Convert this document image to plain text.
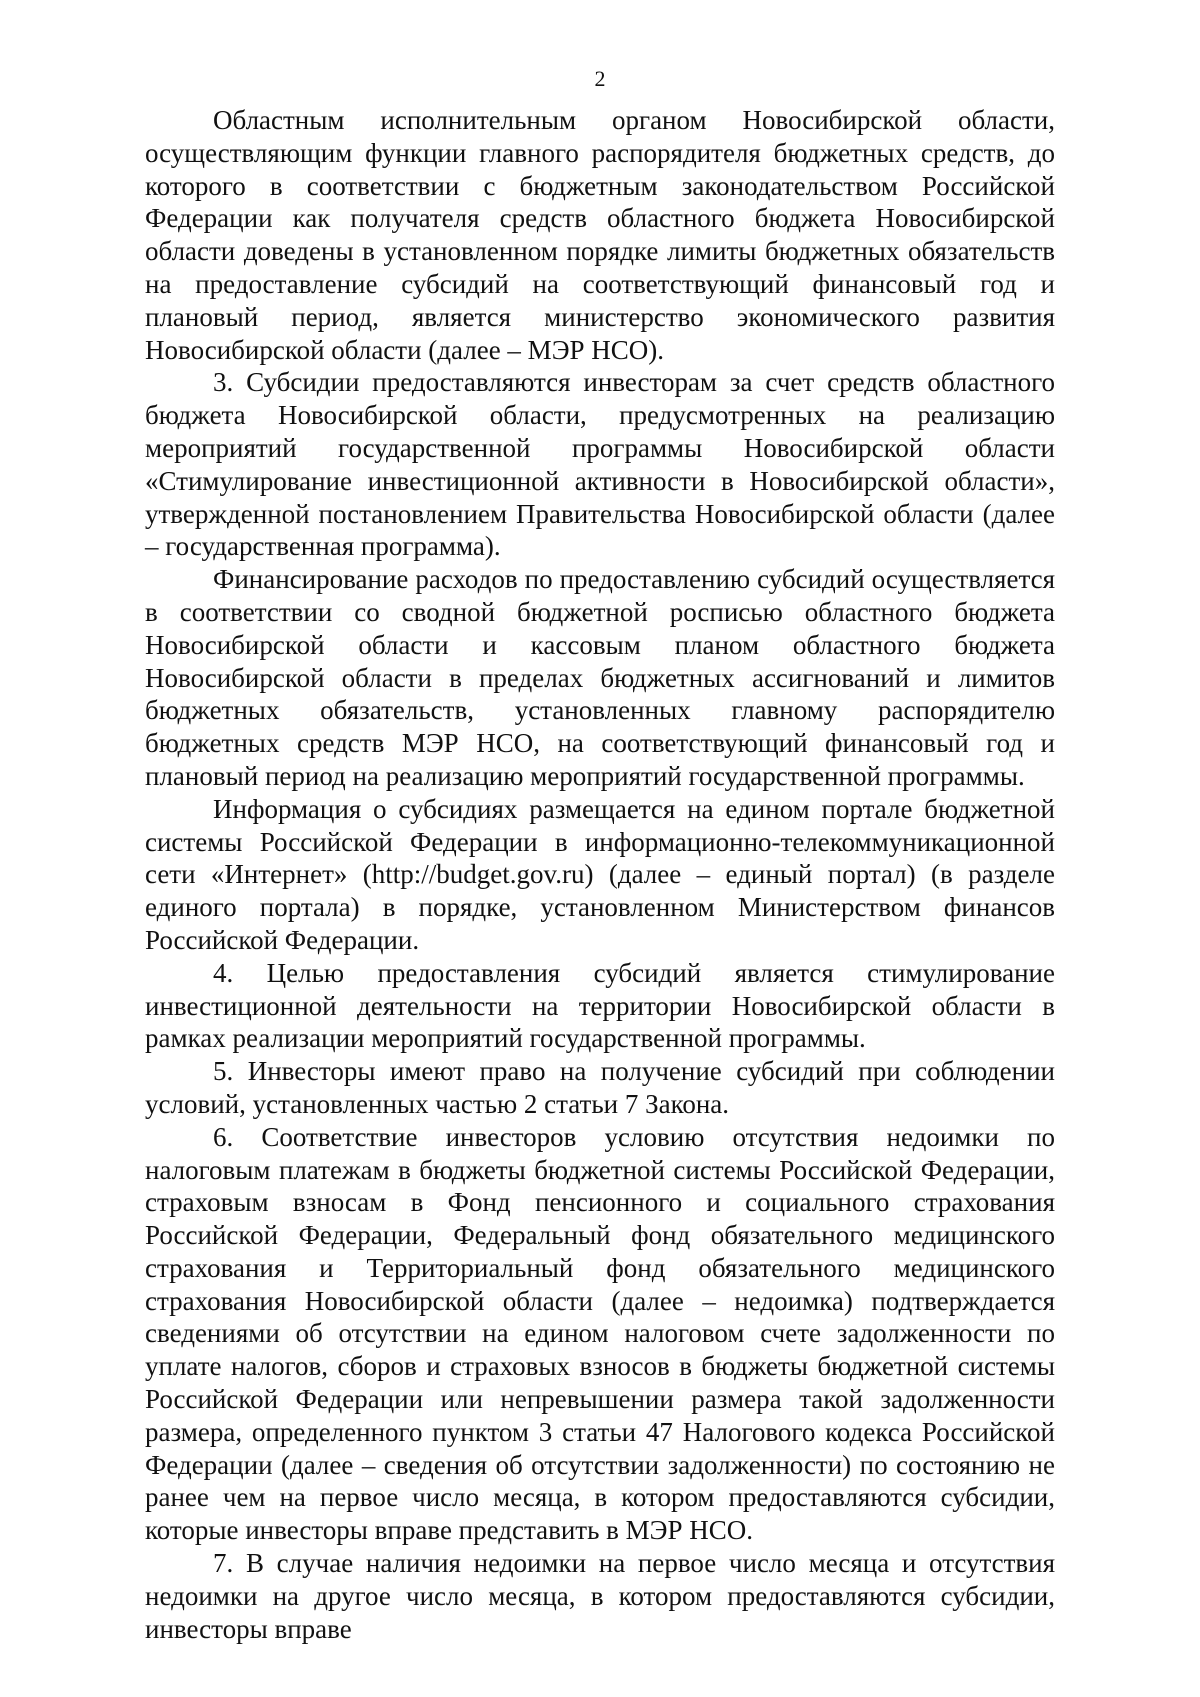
2

Областным исполнительным органом Новосибирской области, осуществляющим функции главного распорядителя бюджетных средств, до которого в соответствии с бюджетным законодательством Российской Федерации как получателя средств областного бюджета Новосибирской области доведены в установленном порядке лимиты бюджетных обязательств на предоставление субсидий на соответствующий финансовый год и плановый период, является министерство экономического развития Новосибирской области (далее – МЭР НСО).

3. Субсидии предоставляются инвесторам за счет средств областного бюджета Новосибирской области, предусмотренных на реализацию мероприятий государственной программы Новосибирской области «Стимулирование инвестиционной активности в Новосибирской области», утвержденной постановлением Правительства Новосибирской области (далее – государственная программа).

Финансирование расходов по предоставлению субсидий осуществляется в соответствии со сводной бюджетной росписью областного бюджета Новосибирской области и кассовым планом областного бюджета Новосибирской области в пределах бюджетных ассигнований и лимитов бюджетных обязательств, установленных главному распорядителю бюджетных средств МЭР НСО, на соответствующий финансовый год и плановый период на реализацию мероприятий государственной программы.

Информация о субсидиях размещается на едином портале бюджетной системы Российской Федерации в информационно-телекоммуникационной сети «Интернет» (http://budget.gov.ru) (далее – единый портал) (в разделе единого портала) в порядке, установленном Министерством финансов Российской Федерации.

4. Целью предоставления субсидий является стимулирование инвестиционной деятельности на территории Новосибирской области в рамках реализации мероприятий государственной программы.

5. Инвесторы имеют право на получение субсидий при соблюдении условий, установленных частью 2 статьи 7 Закона.

6. Соответствие инвесторов условию отсутствия недоимки по налоговым платежам в бюджеты бюджетной системы Российской Федерации, страховым взносам в Фонд пенсионного и социального страхования Российской Федерации, Федеральный фонд обязательного медицинского страхования и Территориальный фонд обязательного медицинского страхования Новосибирской области (далее – недоимка) подтверждается сведениями об отсутствии на едином налоговом счете задолженности по уплате налогов, сборов и страховых взносов в бюджеты бюджетной системы Российской Федерации или непревышении размера такой задолженности размера, определенного пунктом 3 статьи 47 Налогового кодекса Российской Федерации (далее – сведения об отсутствии задолженности) по состоянию не ранее чем на первое число месяца, в котором предоставляются субсидии, которые инвесторы вправе представить в МЭР НСО.

7. В случае наличия недоимки на первое число месяца и отсутствия недоимки на другое число месяца, в котором предоставляются субсидии, инвесторы вправе
